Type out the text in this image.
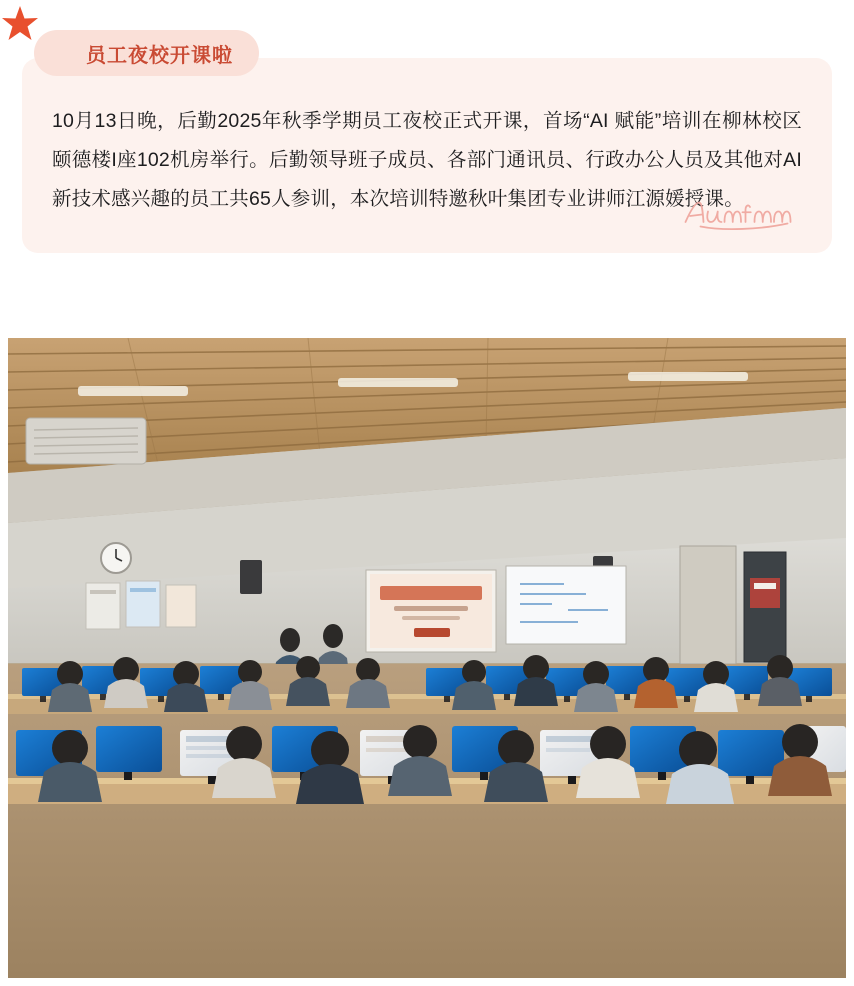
10月13日晚，后勤2025年秋季学期员工夜校正式开课，首场“AI 赋能”培训在柳林校区颐德楼I座102机房举行。后勤领导班子成员、各部门通讯员、行政办公人员及其他对AI新技术感兴趣的员工共65人参训，本次培训特邀秋叶集团专业讲师江源媛授课。

员工夜校开课啦
